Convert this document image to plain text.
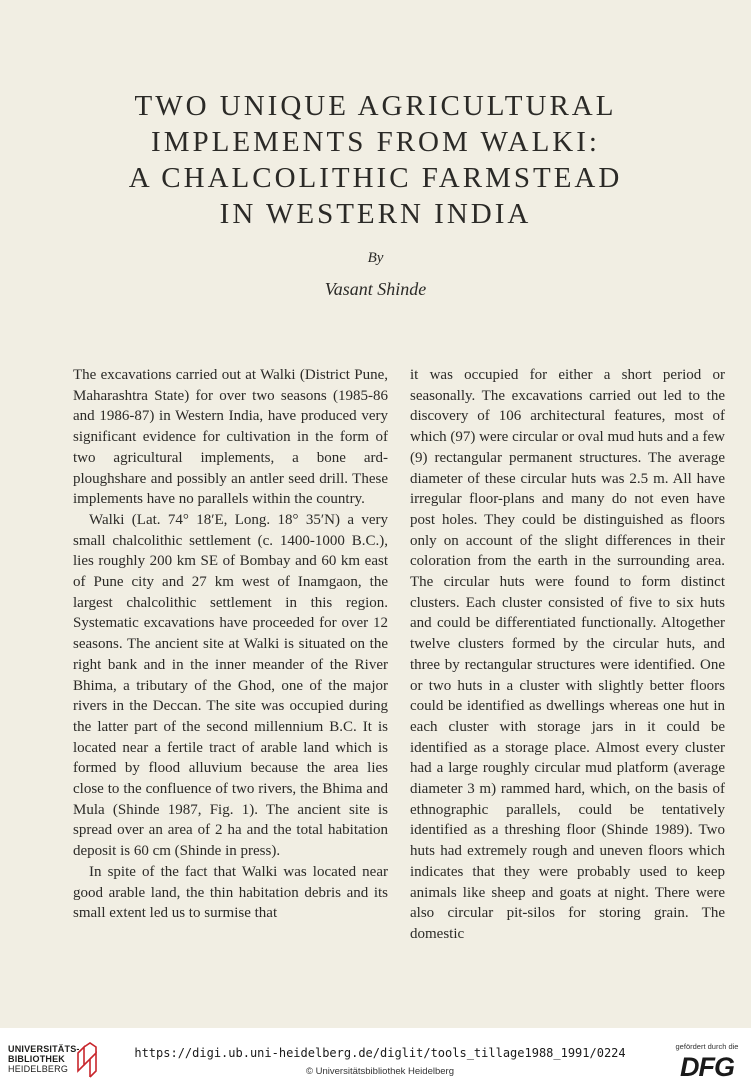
TWO UNIQUE AGRICULTURAL
IMPLEMENTS FROM WALKI:
A CHALCOLITHIC FARMSTEAD
IN WESTERN INDIA
By
Vasant Shinde

The excavations carried out at Walki (District Pune, Maharashtra State) for over two seasons (1985-86 and 1986-87) in Western India, have produced very significant evidence for cultivation in the form of two agricultural implements, a bone ard-ploughshare and possibly an antler seed drill. These implements have no parallels within the country.

Walki (Lat. 74° 18′E, Long. 18° 35′N) a very small chalcolithic settlement (c. 1400-1000 B.C.), lies roughly 200 km SE of Bombay and 60 km east of Pune city and 27 km west of Inamgaon, the largest chalcolithic settlement in this region. Systematic excavations have proceeded for over 12 seasons. The ancient site at Walki is situated on the right bank and in the inner meander of the River Bhima, a tributary of the Ghod, one of the major rivers in the Deccan. The site was occupied during the latter part of the second millennium B.C. It is located near a fertile tract of arable land which is formed by flood alluvium because the area lies close to the confluence of two rivers, the Bhima and Mula (Shinde 1987, Fig. 1). The ancient site is spread over an area of 2 ha and the total habitation deposit is 60 cm (Shinde in press).

In spite of the fact that Walki was located near good arable land, the thin habitation debris and its small extent led us to surmise that

it was occupied for either a short period or seasonally. The excavations carried out led to the discovery of 106 architectural features, most of which (97) were circular or oval mud huts and a few (9) rectangular permanent structures. The average diameter of these circular huts was 2.5 m. All have irregular floor-plans and many do not even have post holes. They could be distinguished as floors only on account of the slight differences in their coloration from the earth in the surrounding area. The circular huts were found to form distinct clusters. Each cluster consisted of five to six huts and could be differentiated functionally. Altogether twelve clusters formed by the circular huts, and three by rectangular structures were identified. One or two huts in a cluster with slightly better floors could be identified as dwellings whereas one hut in each cluster with storage jars in it could be identified as a storage place. Almost every cluster had a large roughly circular mud platform (average diameter 3 m) rammed hard, which, on the basis of ethnographic parallels, could be tentatively identified as a threshing floor (Shinde 1989). Two huts had extremely rough and uneven floors which indicates that they were probably used to keep animals like sheep and goats at night. There were also circular pit-silos for storing grain. The domestic

UNIVERSITÄTS-
BIBLIOTHEK
HEIDELBERG
https://digi.ub.uni-heidelberg.de/diglit/tools_tillage1988_1991/0224
© Universitätsbibliothek Heidelberg
gefördert durch die
DFG
